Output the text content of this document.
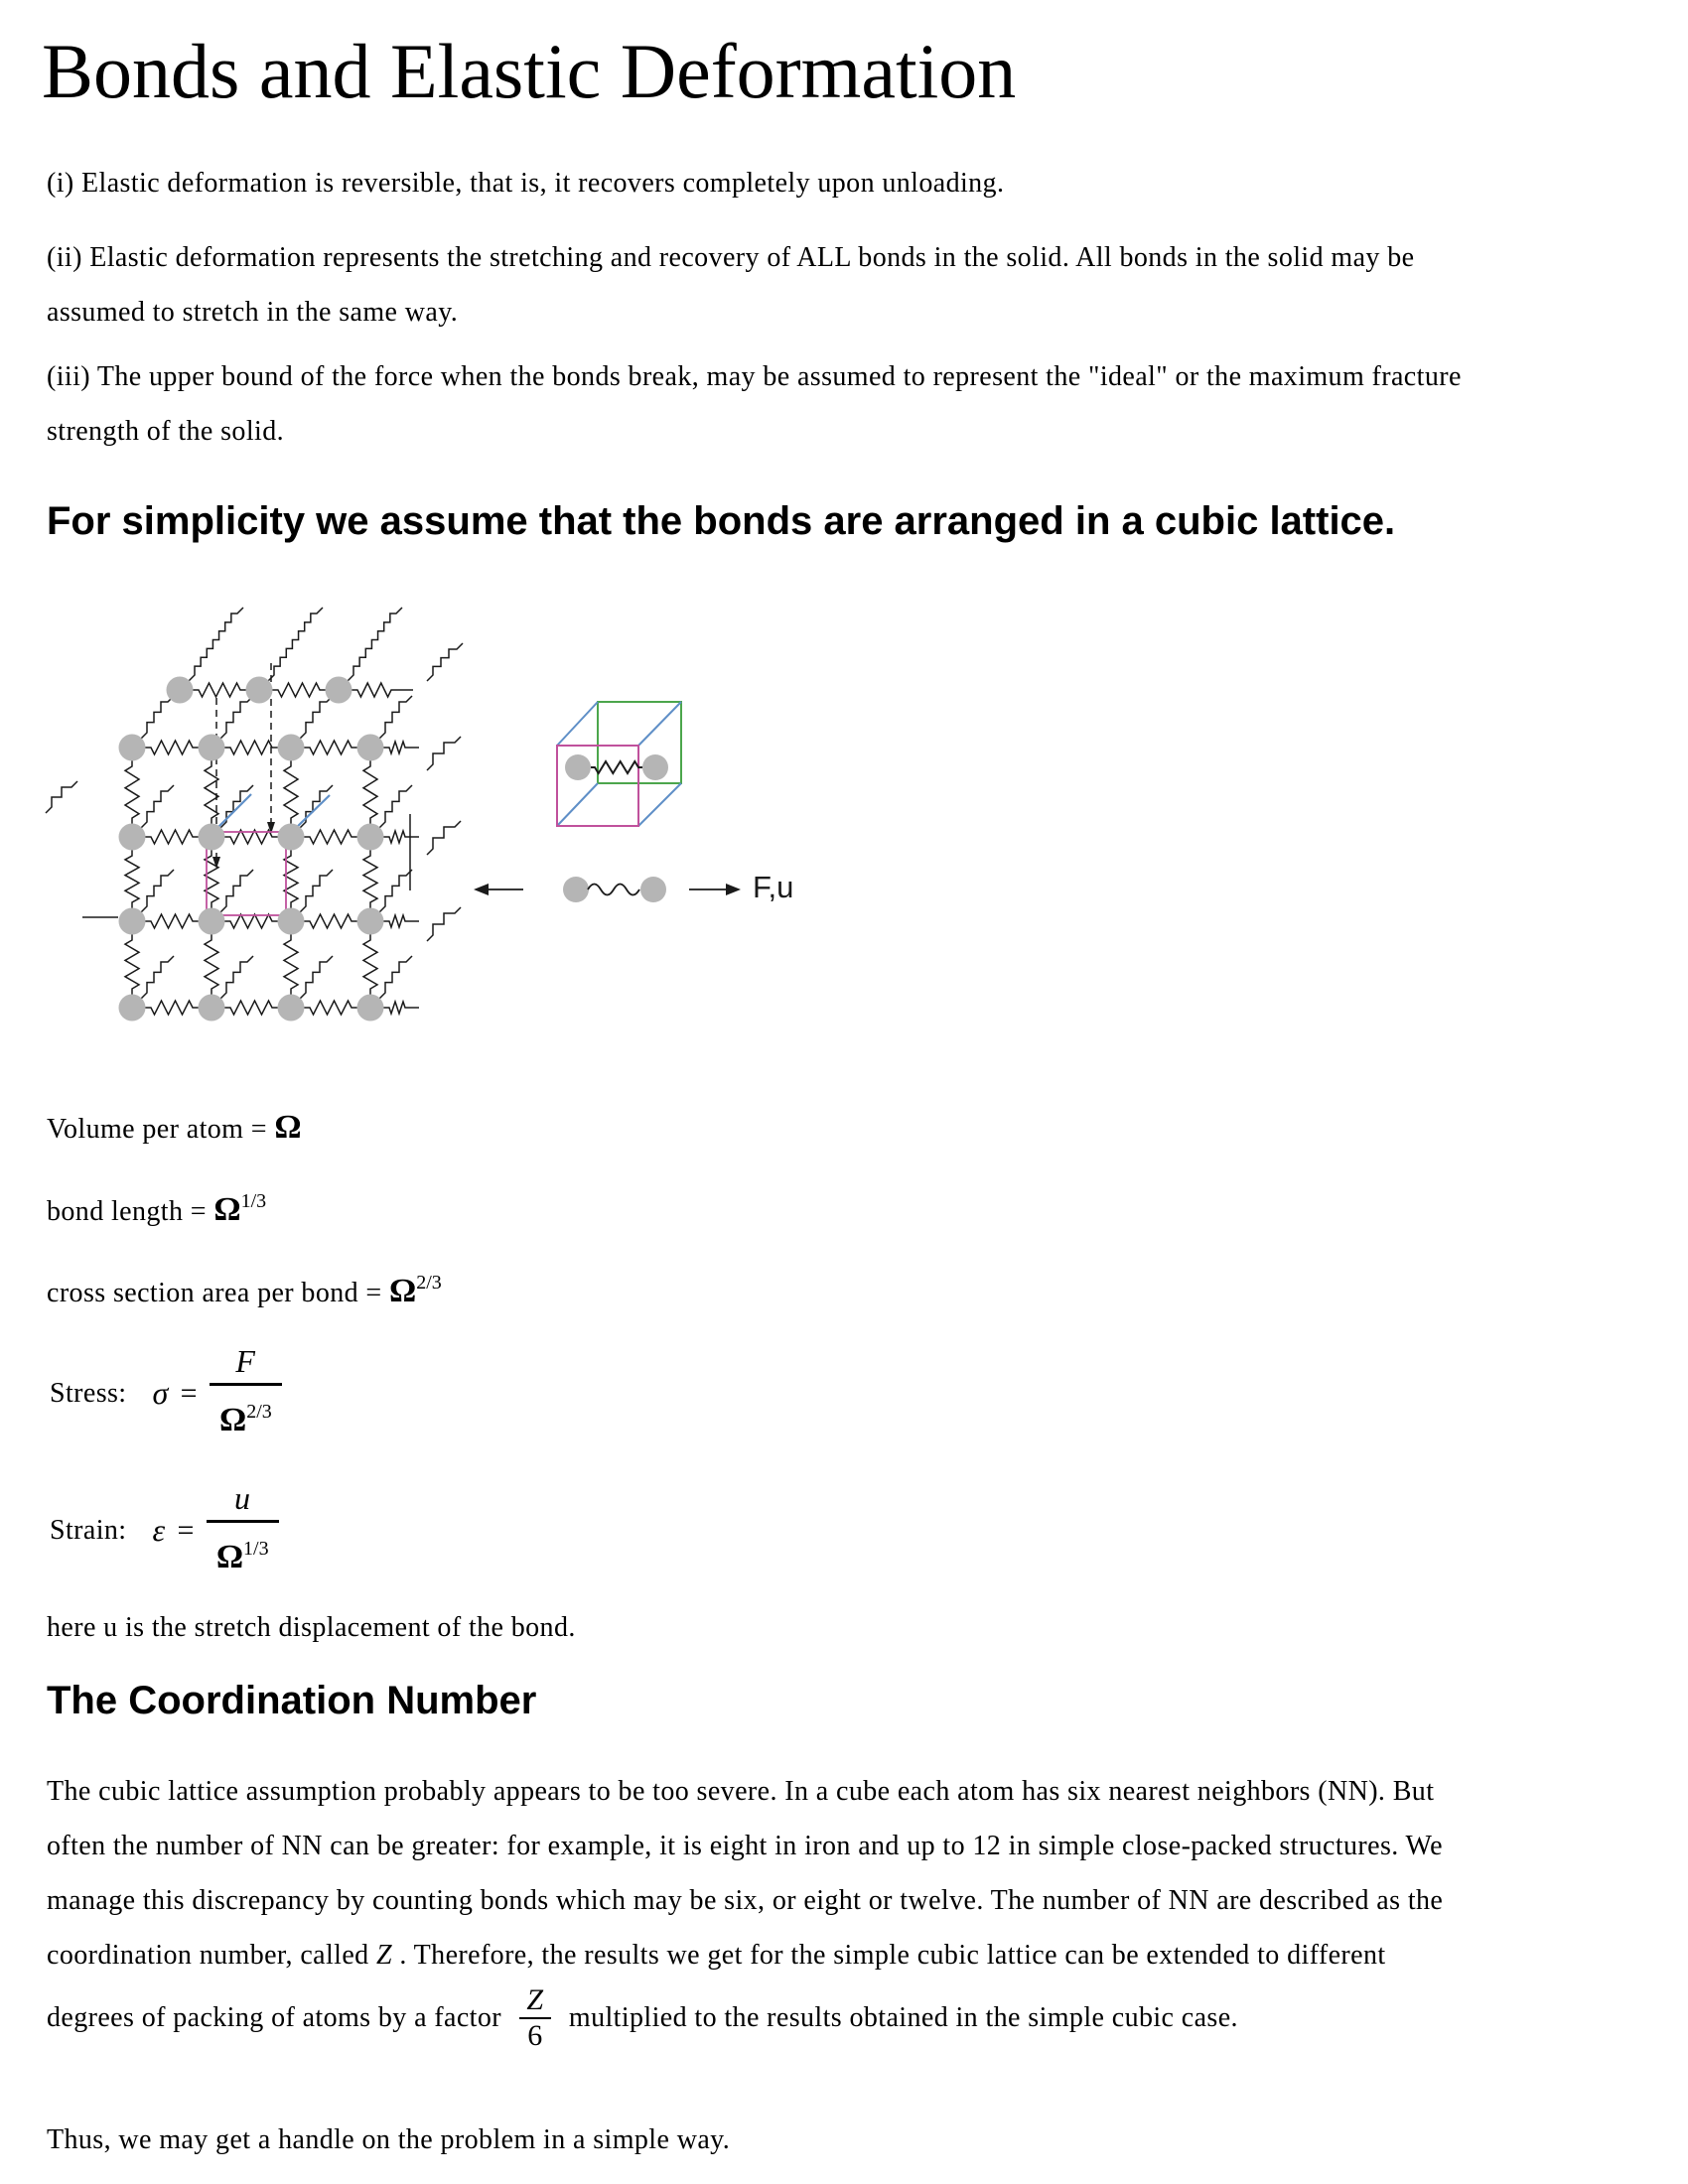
Bonds and Elastic Deformation
(i) Elastic deformation is reversible, that is, it recovers completely upon unloading.
(ii) Elastic deformation represents the stretching and recovery of ALL bonds in the solid. All bonds in the solid may be
assumed to stretch in the same way.
(iii) The upper bound of the force when the bonds break, may be assumed to represent the "ideal" or the maximum fracture
strength of the solid.
For simplicity we assume that the bonds are arranged in a cubic lattice.
F,u
Volume per atom = Ω
bond length = $\Omega^{1/3}$
cross section area per bond = $\Omega^{2/3}$
Stress: $\sigma = \frac{F}{\Omega^{2/3}}$
Strain: $\varepsilon = \frac{u}{\Omega^{1/3}}$
here u is the stretch displacement of the bond.
The Coordination Number
The cubic lattice assumption probably appears to be too severe. In a cube each atom has six nearest neighbors (NN). But
often the number of NN can be greater: for example, it is eight in iron and up to 12 in simple close-packed structures. We
manage this discrepancy by counting bonds which may be six, or eight or twelve. The number of NN are described as the
coordination number, called Z . Therefore, the results we get for the simple cubic lattice can be extended to different
degrees of packing of atoms by a factor $\frac{Z}{6}$ multiplied to the results obtained in the simple cubic case.
Thus, we may get a handle on the problem in a simple way.
